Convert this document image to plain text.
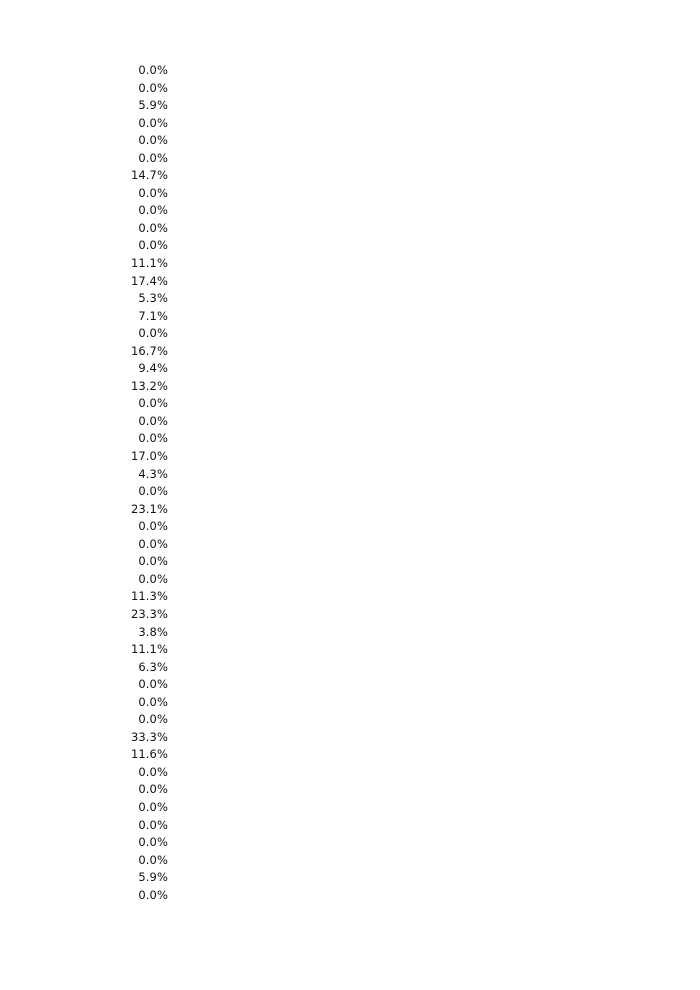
0.0%
0.0%
5.9%
0.0%
0.0%
0.0%
14.7%
0.0%
0.0%
0.0%
0.0%
11.1%
17.4%
5.3%
7.1%
0.0%
16.7%
9.4%
13.2%
0.0%
0.0%
0.0%
17.0%
4.3%
0.0%
23.1%
0.0%
0.0%
0.0%
0.0%
11.3%
23.3%
3.8%
11.1%
6.3%
0.0%
0.0%
0.0%
33.3%
11.6%
0.0%
0.0%
0.0%
0.0%
0.0%
0.0%
5.9%
0.0%
